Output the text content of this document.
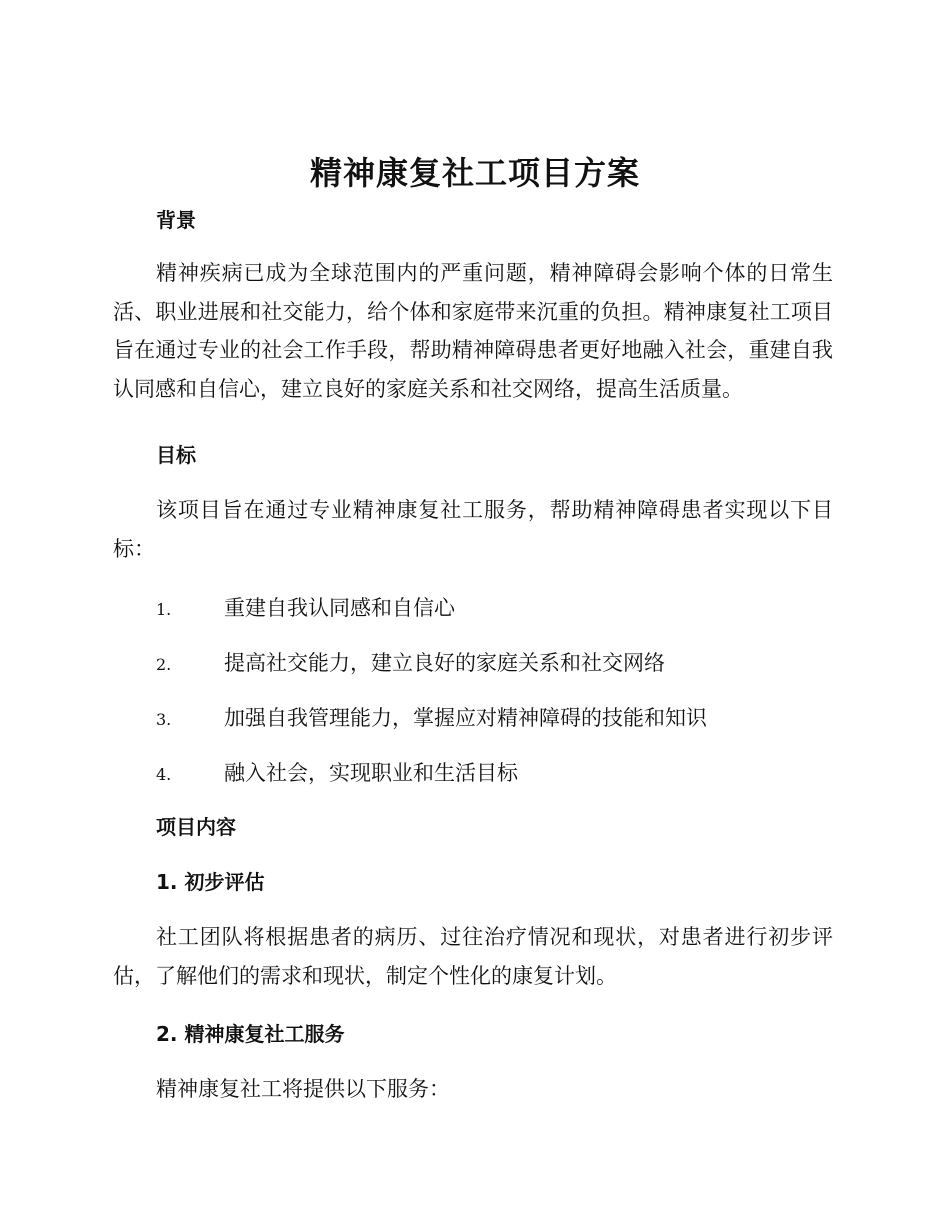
精神康复社工项目方案
背景
精神疾病已成为全球范围内的严重问题，精神障碍会影响个体的日常生活、职业进展和社交能力，给个体和家庭带来沉重的负担。精神康复社工项目旨在通过专业的社会工作手段，帮助精神障碍患者更好地融入社会，重建自我认同感和自信心，建立良好的家庭关系和社交网络，提高生活质量。
目标
该项目旨在通过专业精神康复社工服务，帮助精神障碍患者实现以下目标：
1.	重建自我认同感和自信心
2.	提高社交能力，建立良好的家庭关系和社交网络
3.	加强自我管理能力，掌握应对精神障碍的技能和知识
4.	融入社会，实现职业和生活目标
项目内容
1. 初步评估
社工团队将根据患者的病历、过往治疗情况和现状，对患者进行初步评估，了解他们的需求和现状，制定个性化的康复计划。
2. 精神康复社工服务
精神康复社工将提供以下服务：
